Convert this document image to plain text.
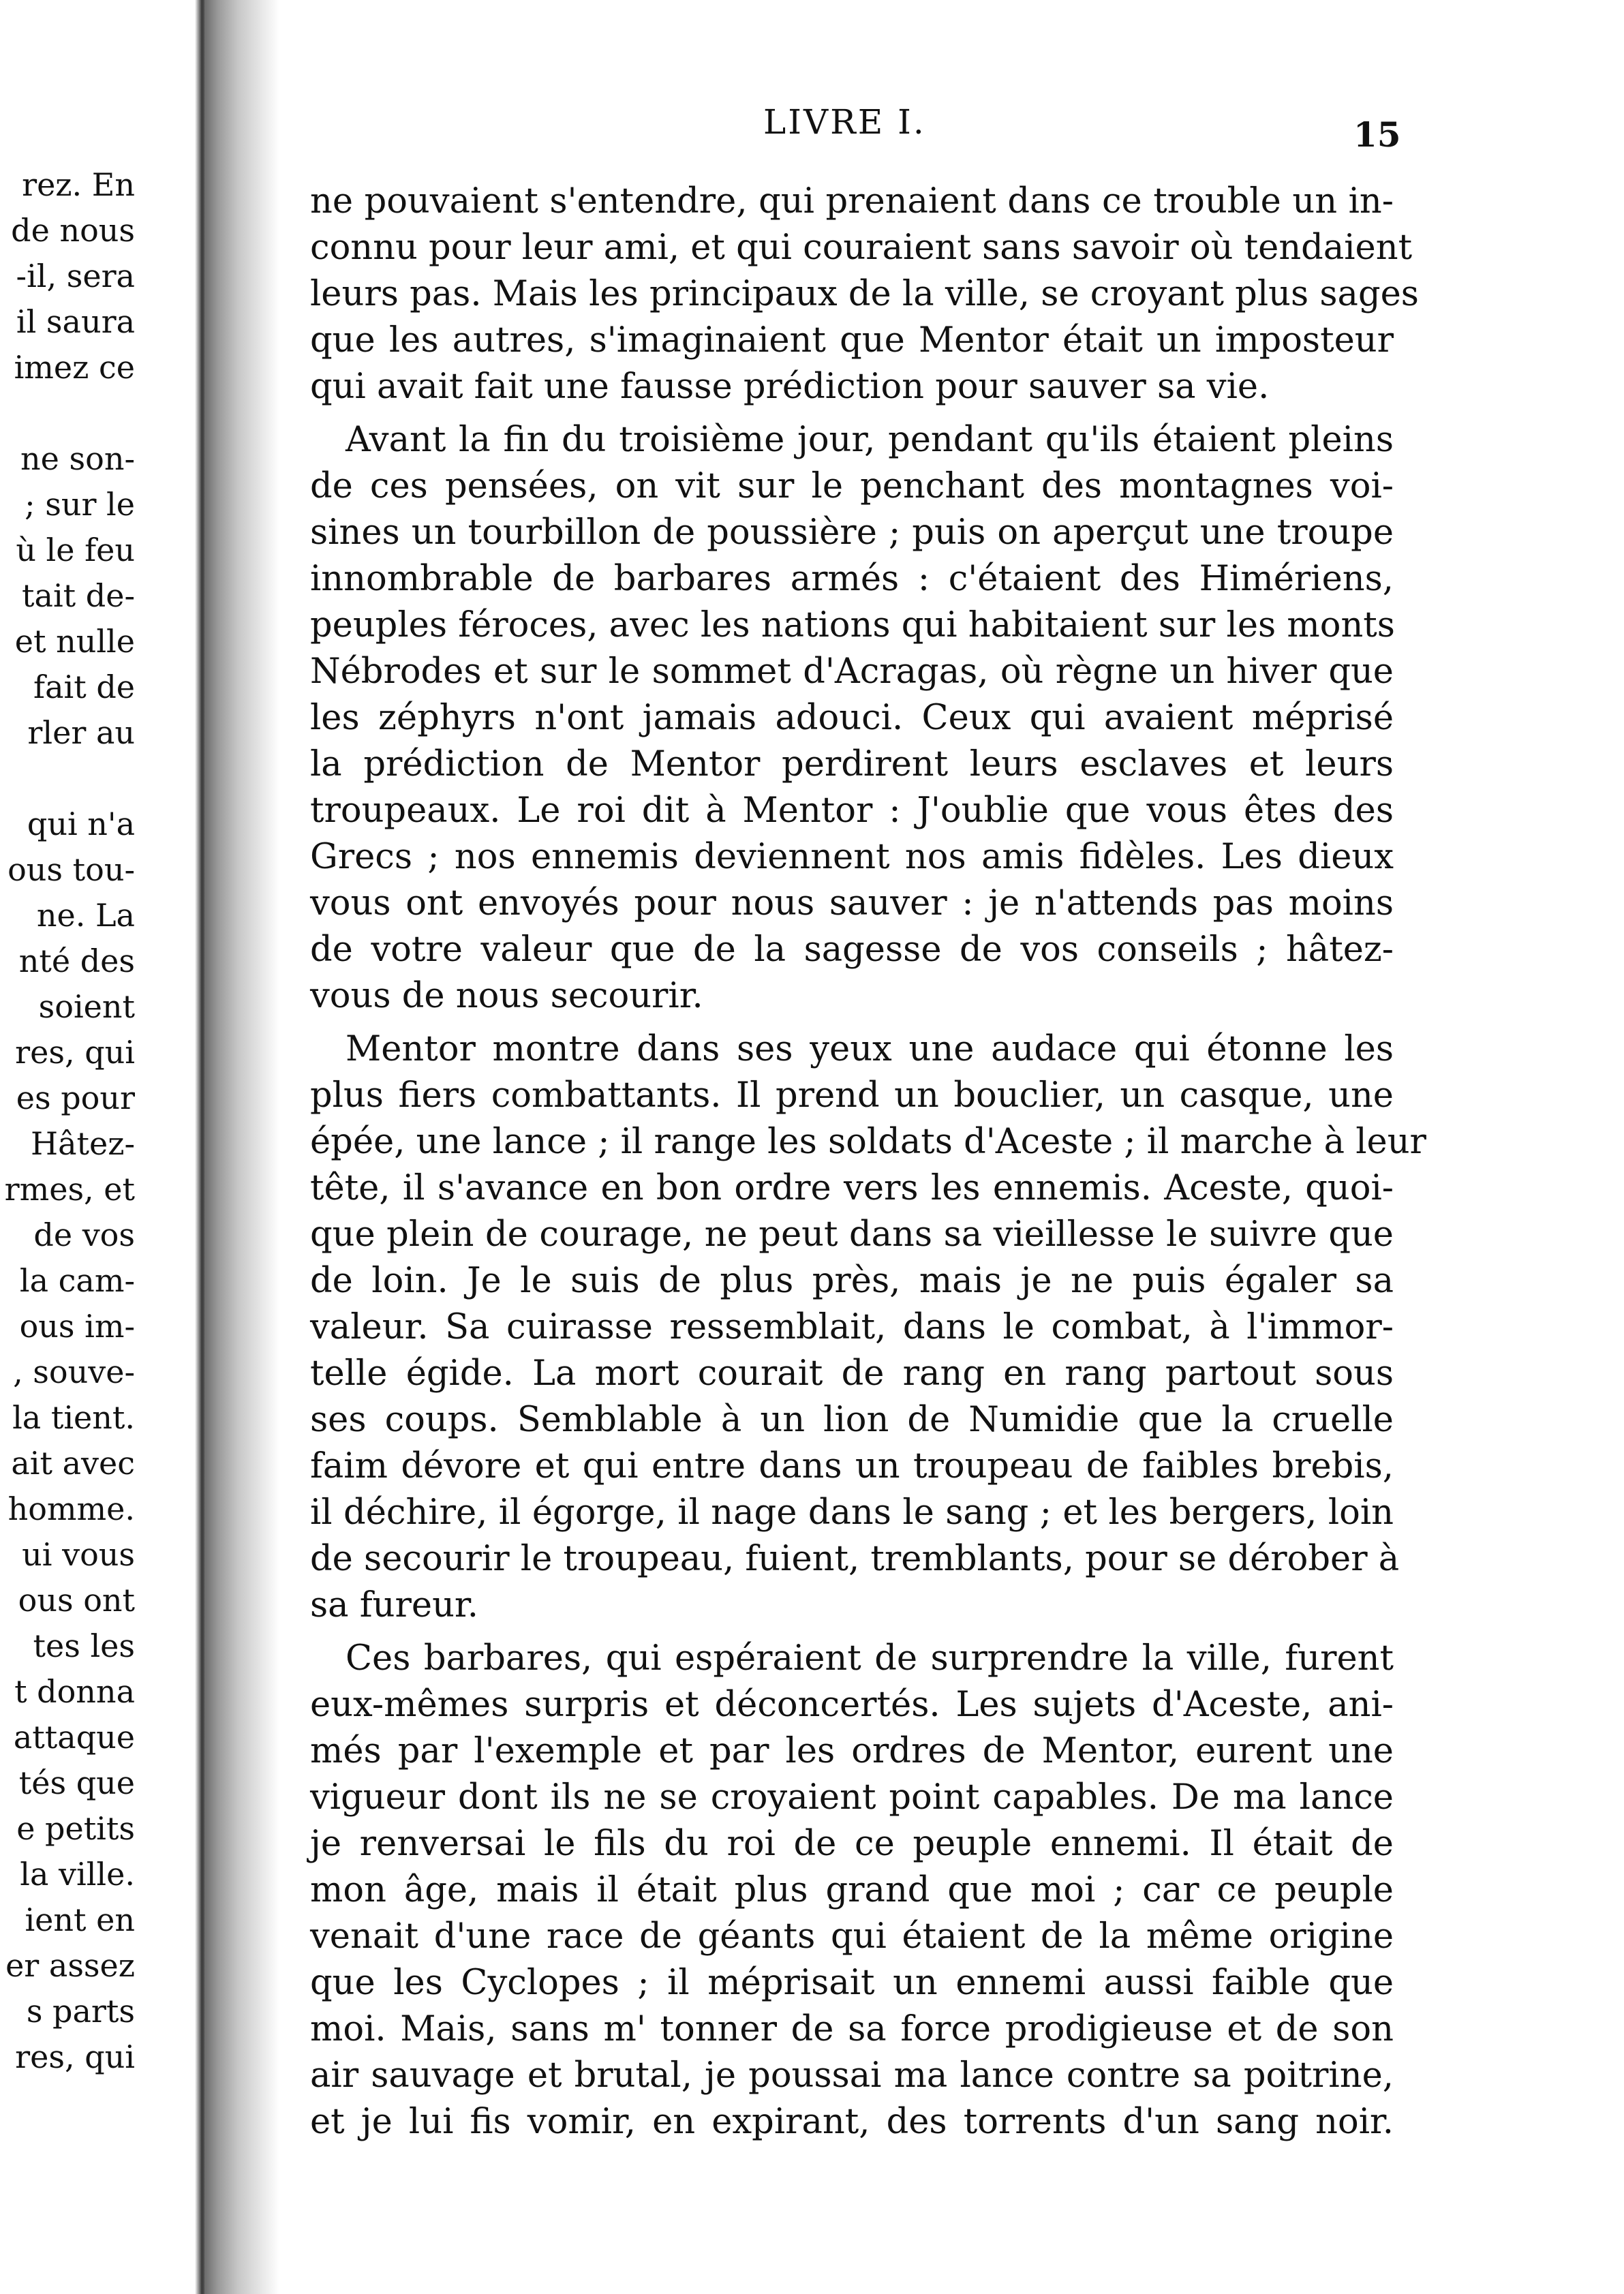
rez. En
de nous
-il, sera
il saura
imez ce
ne son-
; sur le
ù le feu
tait de-
et nulle
fait de
rler au
qui n'a
ous tou-
ne. La
nté des
soient
res, qui
es pour
Hâtez-
rmes, et
de vos
la cam-
ous im-
, souve-
la tient.
ait avec
homme.
ui vous
ous ont
tes les
t donna
attaque
tés que
e petits
la ville.
ient en
er assez
s parts
res, qui
LIVRE I.	15
ne pouvaient s'entendre, qui prenaient dans ce trouble un in-
connu pour leur ami, et qui couraient sans savoir où tendaient
leurs pas. Mais les principaux de la ville, se croyant plus sages
que les autres, s'imaginaient que Mentor était un imposteur
qui avait fait une fausse prédiction pour sauver sa vie.
Avant la fin du troisième jour, pendant qu'ils étaient pleins
de ces pensées, on vit sur le penchant des montagnes voi-
sines un tourbillon de poussière ; puis on aperçut une troupe
innombrable de barbares armés : c'étaient des Himériens,
peuples féroces, avec les nations qui habitaient sur les monts
Nébrodes et sur le sommet d'Acragas, où règne un hiver que
les zéphyrs n'ont jamais adouci. Ceux qui avaient méprisé
la prédiction de Mentor perdirent leurs esclaves et leurs
troupeaux. Le roi dit à Mentor : J'oublie que vous êtes des
Grecs ; nos ennemis deviennent nos amis fidèles. Les dieux
vous ont envoyés pour nous sauver : je n'attends pas moins
de votre valeur que de la sagesse de vos conseils ; hâtez-
vous de nous secourir.
Mentor montre dans ses yeux une audace qui étonne les
plus fiers combattants. Il prend un bouclier, un casque, une
épée, une lance ; il range les soldats d'Aceste ; il marche à leur
tête, il s'avance en bon ordre vers les ennemis. Aceste, quoi-
que plein de courage, ne peut dans sa vieillesse le suivre que
de loin. Je le suis de plus près, mais je ne puis égaler sa
valeur. Sa cuirasse ressemblait, dans le combat, à l'immor-
telle égide. La mort courait de rang en rang partout sous
ses coups. Semblable à un lion de Numidie que la cruelle
faim dévore et qui entre dans un troupeau de faibles brebis,
il déchire, il égorge, il nage dans le sang ; et les bergers, loin
de secourir le troupeau, fuient, tremblants, pour se dérober à
sa fureur.
Ces barbares, qui espéraient de surprendre la ville, furent
eux-mêmes surpris et déconcertés. Les sujets d'Aceste, ani-
més par l'exemple et par les ordres de Mentor, eurent une
vigueur dont ils ne se croyaient point capables. De ma lance
je renversai le fils du roi de ce peuple ennemi. Il était de
mon âge, mais il était plus grand que moi ; car ce peuple
venait d'une race de géants qui étaient de la même origine
que les Cyclopes ; il méprisait un ennemi aussi faible que
moi. Mais, sans m' tonner de sa force prodigieuse et de son
air sauvage et brutal, je poussai ma lance contre sa poitrine,
et je lui fis vomir, en expirant, des torrents d'un sang noir.
